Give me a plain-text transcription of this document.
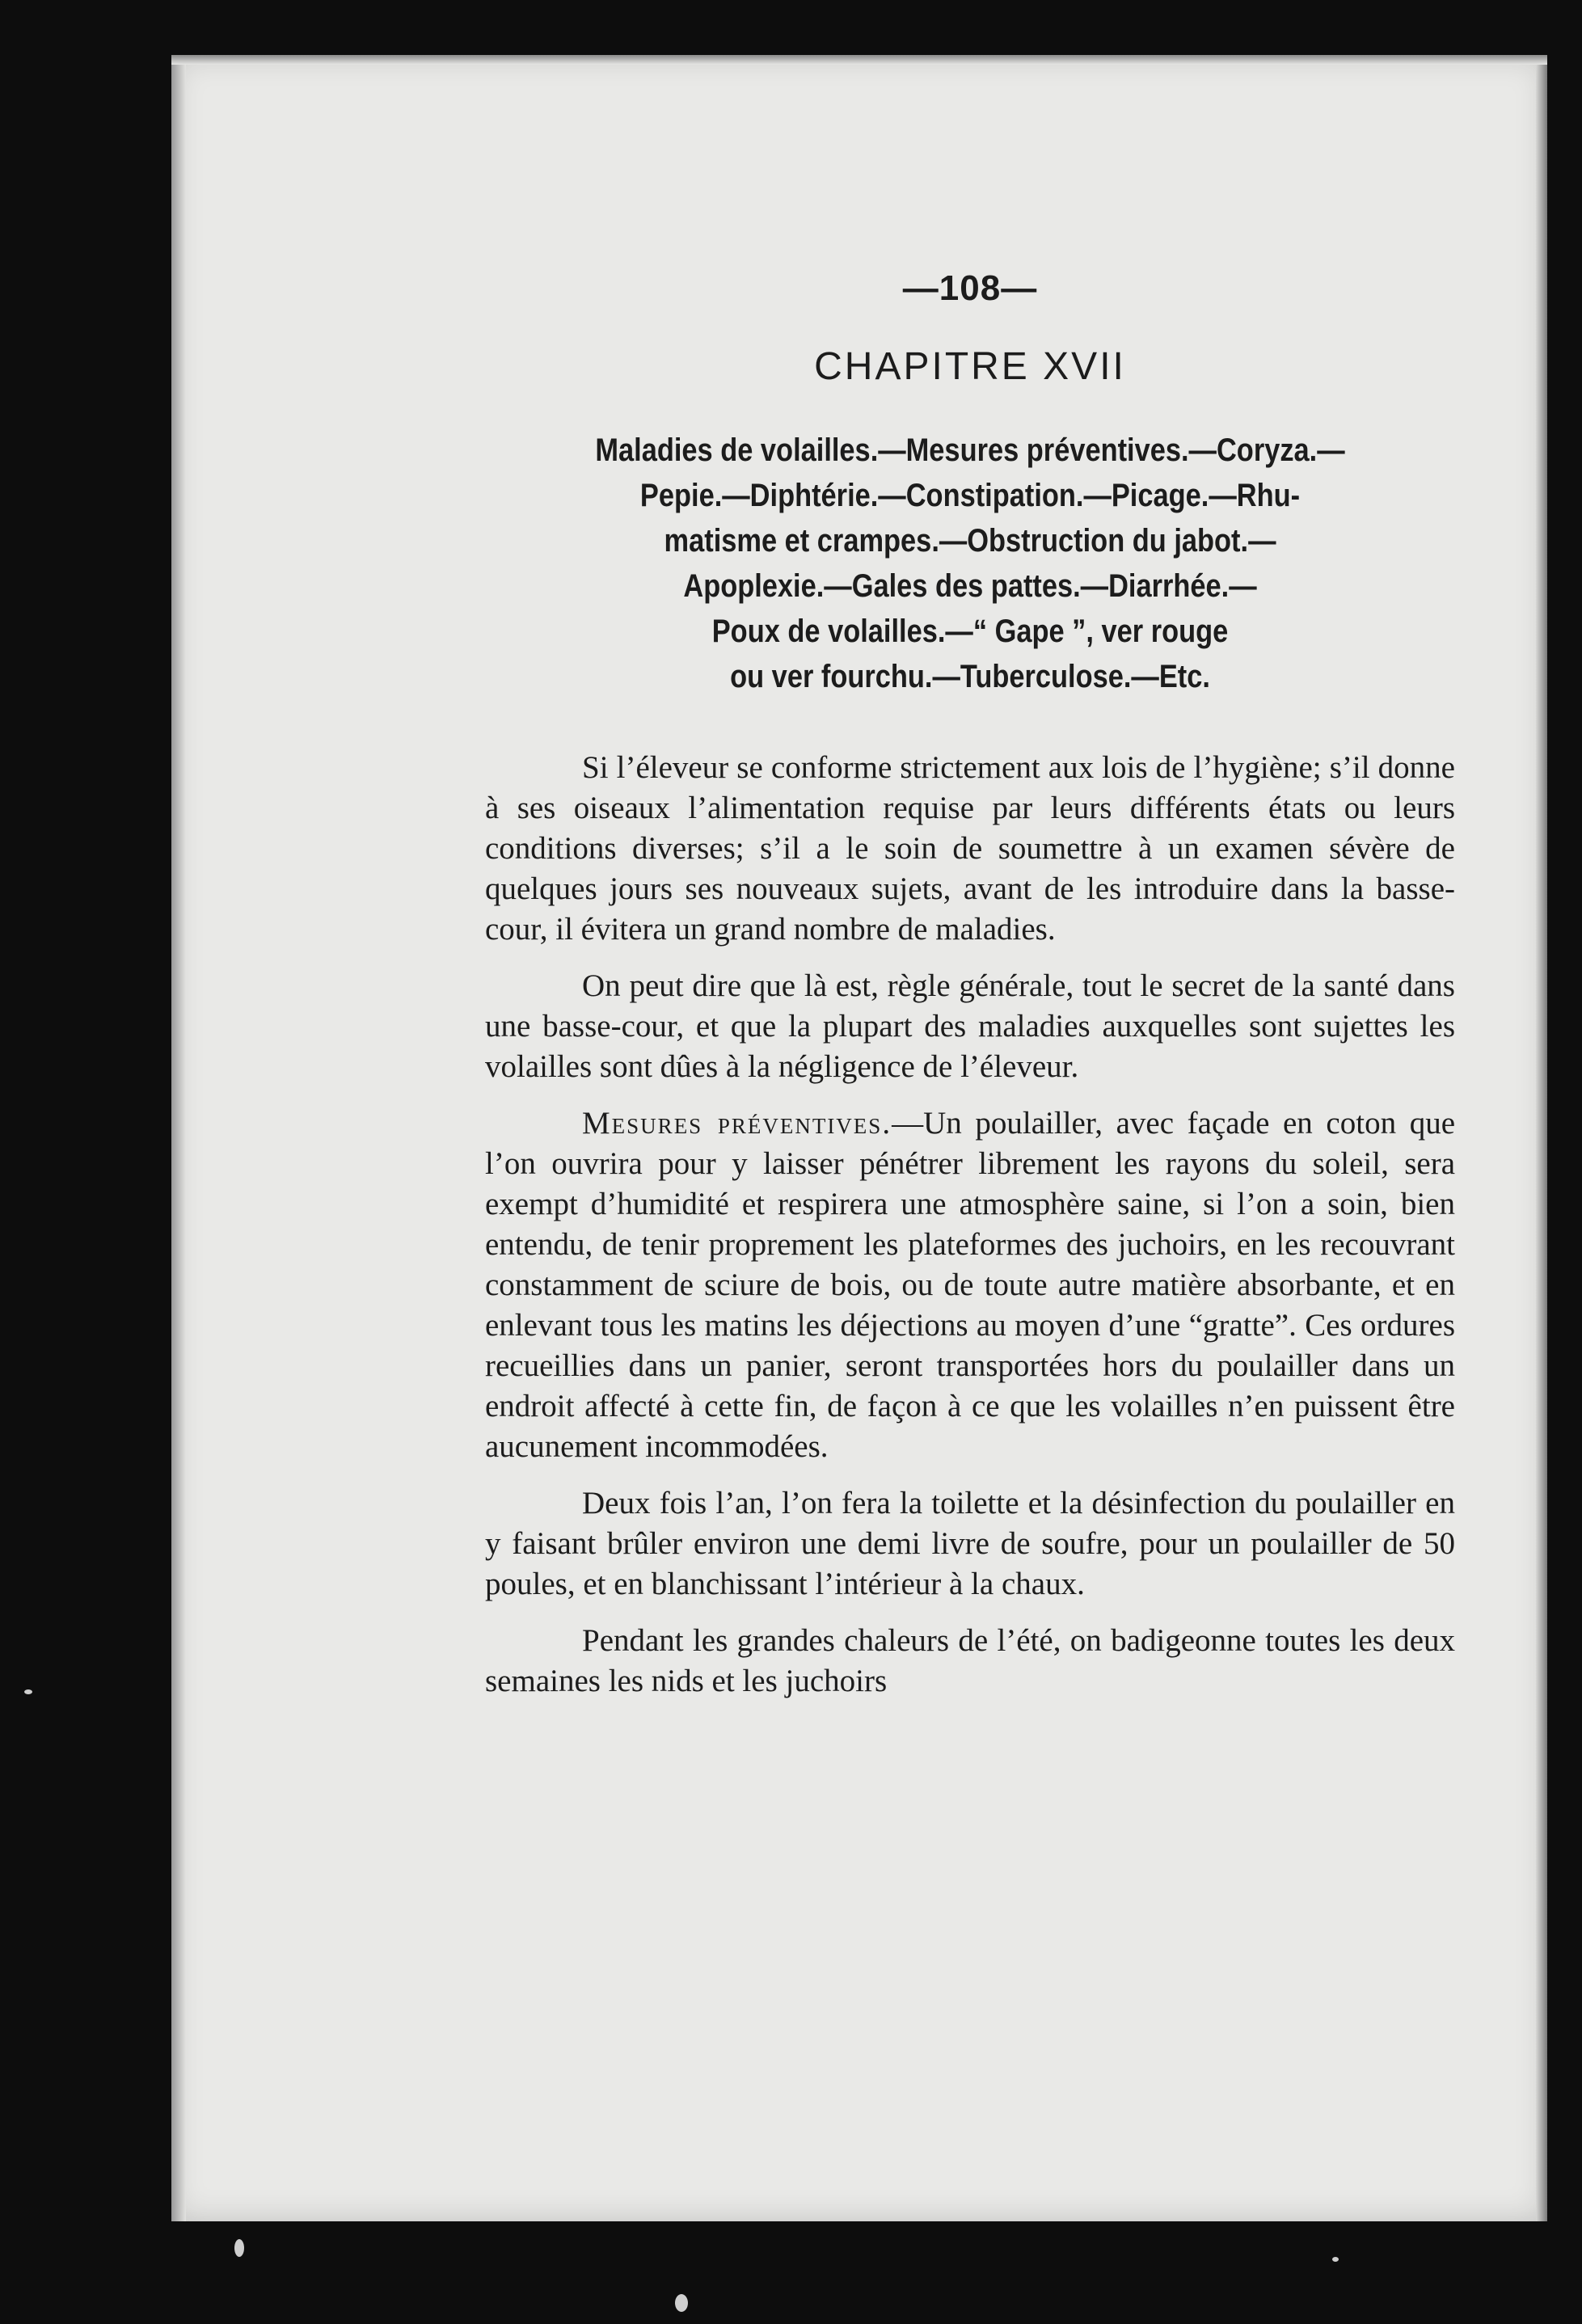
—108—
CHAPITRE XVII
Maladies de volailles.—Mesures préventives.—Coryza.—
Pepie.—Diphtérie.—Constipation.—Picage.—Rhu-
matisme et crampes.—Obstruction du jabot.—
Apoplexie.—Gales des pattes.—Diarrhée.—
Poux de volailles.—“ Gape ”, ver rouge
ou ver fourchu.—Tuberculose.—Etc.

Si l’éleveur se conforme strictement aux lois de l’hygiène; s’il donne à ses oiseaux l’alimentation requise par leurs différents états ou leurs conditions diverses; s’il a le soin de soumettre à un examen sévère de quelques jours ses nouveaux sujets, avant de les introduire dans la basse-cour, il évitera un grand nombre de maladies.

On peut dire que là est, règle générale, tout le secret de la santé dans une basse-cour, et que la plupart des maladies auxquelles sont sujettes les volailles sont dûes à la négligence de l’éleveur.

Mesures préventives.—Un poulailler, avec façade en coton que l’on ouvrira pour y laisser pénétrer librement les rayons du soleil, sera exempt d’humidité et respirera une atmosphère saine, si l’on a soin, bien entendu, de tenir proprement les plateformes des juchoirs, en les recouvrant constamment de sciure de bois, ou de toute autre matière absorbante, et en enlevant tous les matins les déjections au moyen d’une “gratte”. Ces ordures recueillies dans un panier, seront transportées hors du poulailler dans un endroit affecté à cette fin, de façon à ce que les volailles n’en puissent être aucunement incommodées.

Deux fois l’an, l’on fera la toilette et la désinfection du poulailler en y faisant brûler environ une demi livre de soufre, pour un poulailler de 50 poules, et en blanchissant l’intérieur à la chaux.

Pendant les grandes chaleurs de l’été, on badigeonne toutes les deux semaines les nids et les juchoirs
